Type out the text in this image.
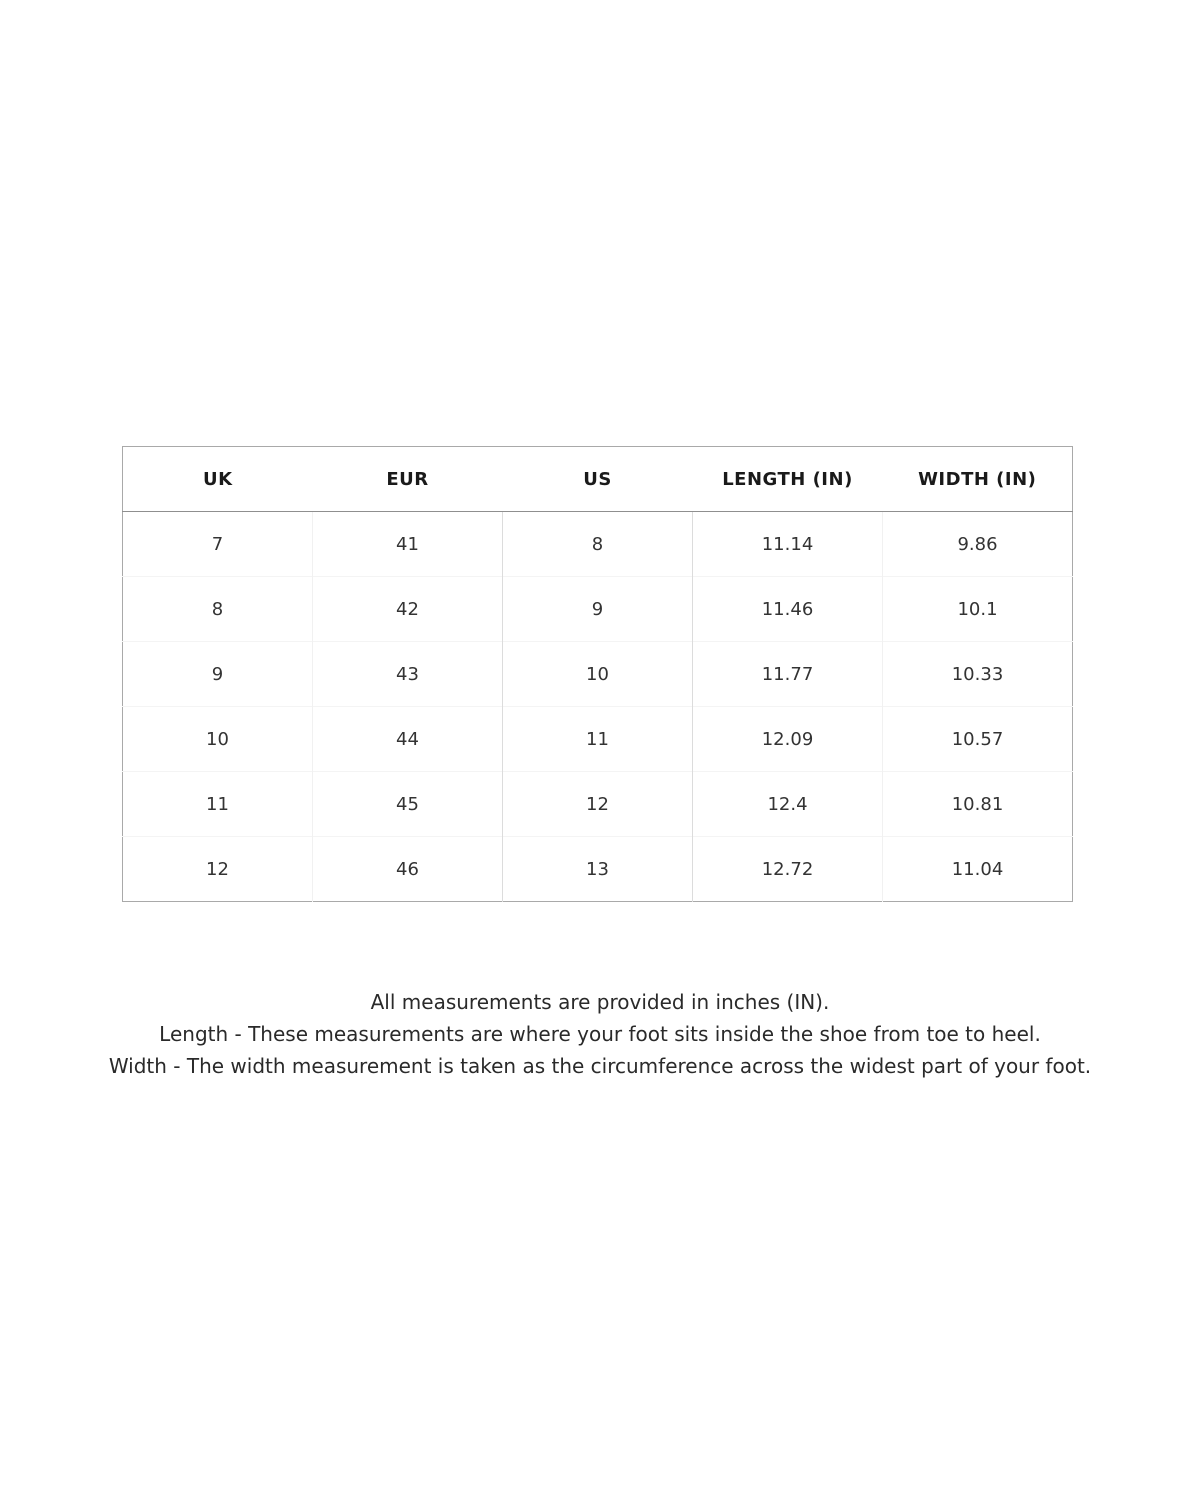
UK	EUR	US	LENGTH (IN)	WIDTH (IN)
7	41	8	11.14	9.86
8	42	9	11.46	10.1
9	43	10	11.77	10.33
10	44	11	12.09	10.57
11	45	12	12.4	10.81
12	46	13	12.72	11.04
All measurements are provided in inches (IN).
Length - These measurements are where your foot sits inside the shoe from toe to heel.
Width - The width measurement is taken as the circumference across the widest part of your foot.
